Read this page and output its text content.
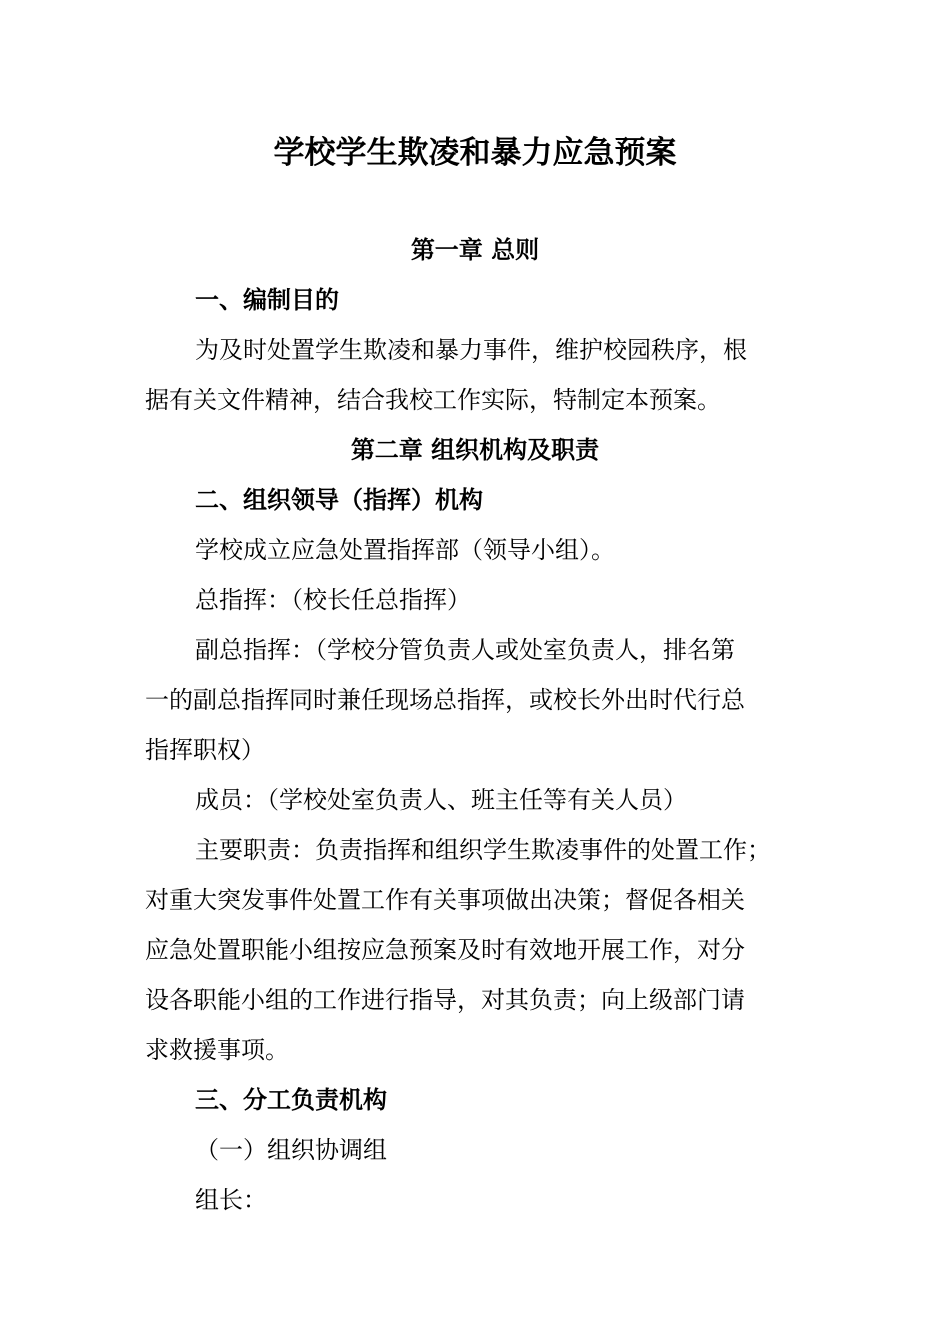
学校学生欺凌和暴力应急预案
第一章 总则
一、编制目的

为及时处置学生欺凌和暴力事件，维护校园秩序，根
据有关文件精神，结合我校工作实际，特制定本预案。

第二章 组织机构及职责
二、组织领导（指挥）机构

学校成立应急处置指挥部（领导小组）。

总指挥：（校长任总指挥）

副总指挥：（学校分管负责人或处室负责人，排名第
一的副总指挥同时兼任现场总指挥，或校长外出时代行总
指挥职权）

成员：（学校处室负责人、班主任等有关人员）

主要职责：负责指挥和组织学生欺凌事件的处置工作；
对重大突发事件处置工作有关事项做出决策；督促各相关
应急处置职能小组按应急预案及时有效地开展工作，对分
设各职能小组的工作进行指导，对其负责；向上级部门请
求救援事项。

三、分工负责机构

（一）组织协调组

组长：
